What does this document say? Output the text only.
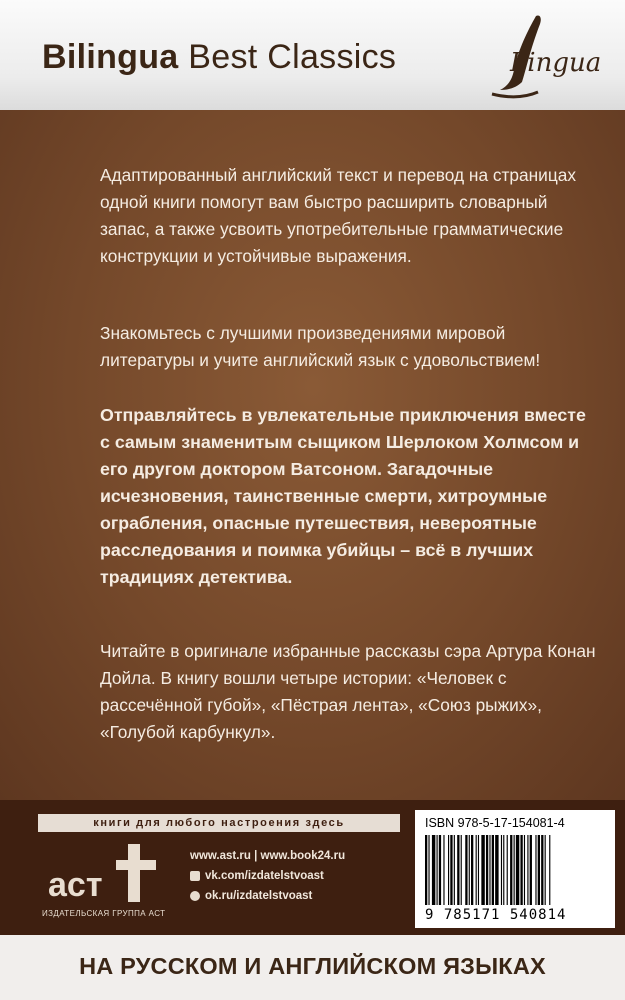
Bilingua Best Classics	Lingua

Адаптированный английский текст и перевод на страницах одной книги помогут вам быстро расширить словарный запас, а также усвоить употребительные грамматические конструкции и устойчивые выражения.

Знакомьтесь с лучшими произведениями мировой литературы и учите английский язык с удовольствием!

Отправляйтесь в увлекательные приключения вместе с самым знаменитым сыщиком Шерлоком Холмсом и его другом доктором Ватсоном. Загадочные исчезновения, таинственные смерти, хитроумные ограбления, опасные путешествия, невероятные расследования и поимка убийцы – всё в лучших традициях детектива.

Читайте в оригинале избранные рассказы сэра Артура Конан Дойла. В книгу вошли четыре истории: «Человек с рассечённой губой», «Пёстрая лента», «Союз рыжих», «Голубой карбункул».

книги для любого настроения здесь
аст
ИЗДАТЕЛЬСКАЯ ГРУППА АСТ
www.ast.ru | www.book24.ru
vk.com/izdatelstvoast
ok.ru/izdatelstvoast
ISBN 978-5-17-154081-4
9 785171 540814
НА РУССКОМ И АНГЛИЙСКОМ ЯЗЫКАХ
